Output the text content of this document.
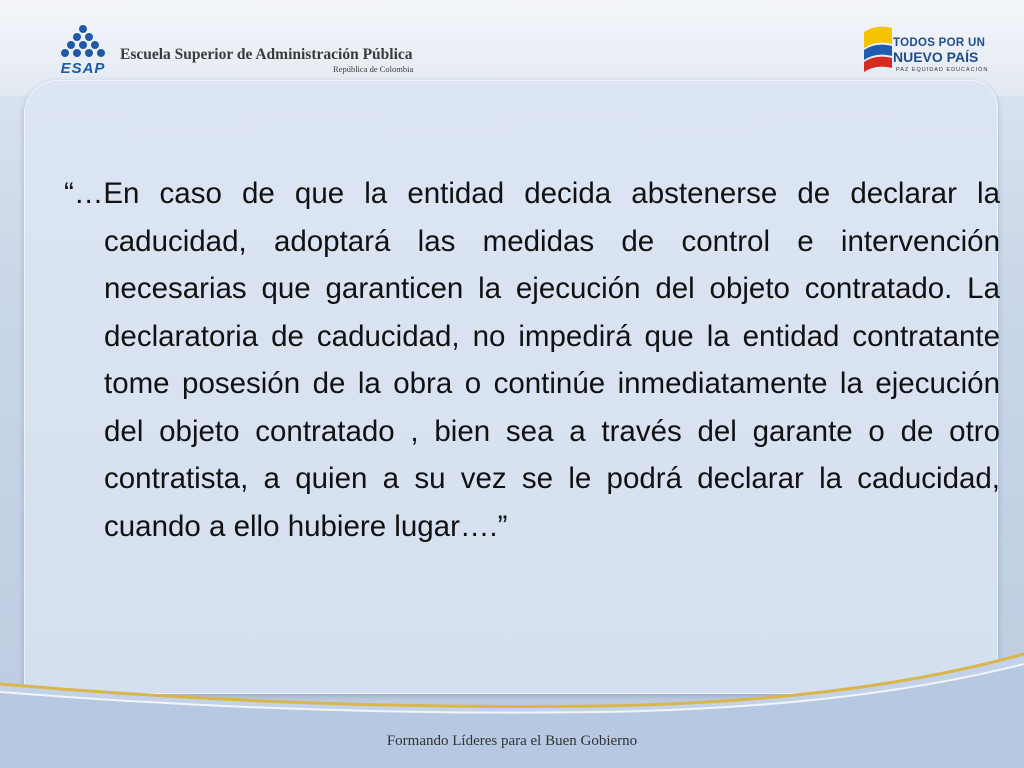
ESAP
Escuela Superior de Administración Pública
República de Colombia
TODOS POR UN
NUEVO PAÍS
PAZ EQUIDAD EDUCACIÓN

“…En caso de que la entidad decida abstenerse de declarar la caducidad, adoptará las medidas de control e intervención necesarias que garanticen la ejecución del objeto contratado. La declaratoria de caducidad, no impedirá que la entidad contratante tome posesión de la obra o continúe inmediatamente la ejecución del objeto contratado , bien sea a través del garante o de otro contratista, a quien a su vez se le podrá declarar la caducidad, cuando a ello hubiere lugar….”

Formando Líderes para el Buen Gobierno
